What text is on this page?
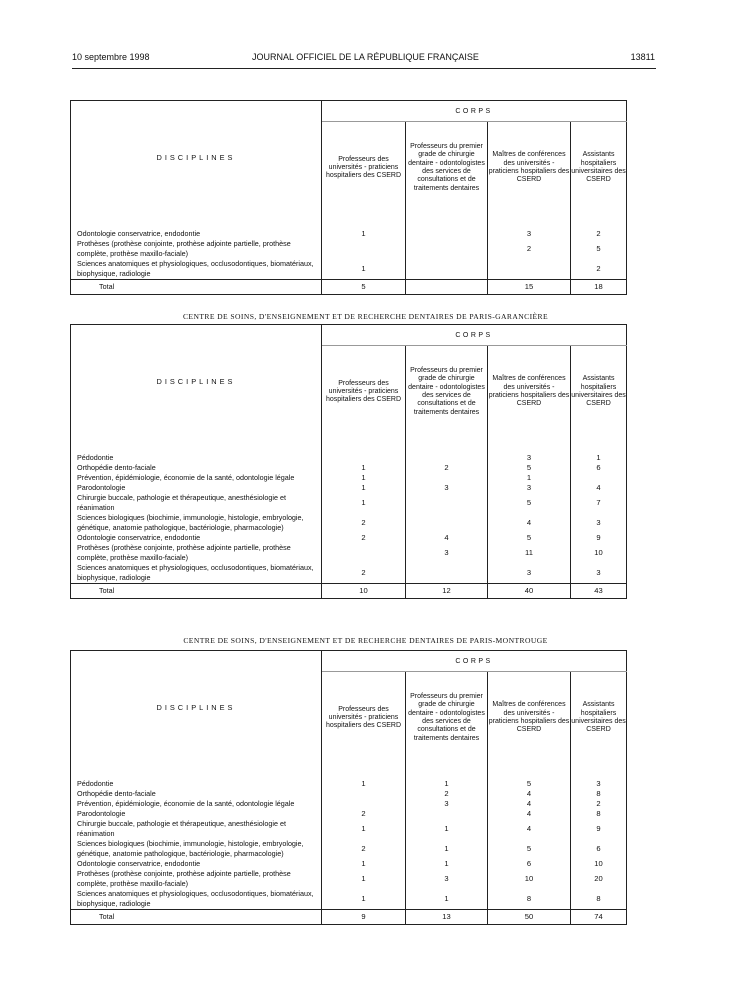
10 septembre 1998	JOURNAL OFFICIEL DE LA RÉPUBLIQUE FRANÇAISE	13811
DISCIPLINES	CORPS			
	Professeurs des universités - praticiens hospitaliers des CSERD	Professeurs du premier grade de chirurgie dentaire - odontologistes des services de consultations et de traitements dentaires	Maîtres de conférences des universités - praticiens hospitaliers des CSERD	Assistants hospitaliers universitaires des CSERD

Odontologie conservatrice, endodontie	1		3	2
Prothèses (prothèse conjointe, prothèse adjointe partielle, prothèse complète, prothèse maxillo-faciale)			2	5
Sciences anatomiques et physiologiques, occlusodontiques, biomatériaux, biophysique, radiologie	1			2
Total	5		15	18
CENTRE DE SOINS, D'ENSEIGNEMENT ET DE RECHERCHE DENTAIRES DE PARIS-GARANCIÈRE
DISCIPLINES	CORPS			
	Professeurs des universités - praticiens hospitaliers des CSERD	Professeurs du premier grade de chirurgie dentaire - odontologistes des services de consultations et de traitements dentaires	Maîtres de conférences des universités - praticiens hospitaliers des CSERD	Assistants hospitaliers universitaires des CSERD

Pédodontie			3	1
Orthopédie dento-faciale	1	2	5	6
Prévention, épidémiologie, économie de la santé, odontologie légale	1		1	
Parodontologie	1	3	3	4
Chirurgie buccale, pathologie et thérapeutique, anesthésiologie et réanimation	1		5	7
Sciences biologiques (biochimie, immunologie, histologie, embryologie, génétique, anatomie pathologique, bactériologie, pharmacologie)	2		4	3
Odontologie conservatrice, endodontie	2	4	5	9
Prothèses (prothèse conjointe, prothèse adjointe partielle, prothèse complète, prothèse maxillo-faciale)		3	11	10
Sciences anatomiques et physiologiques, occlusodontiques, biomatériaux, biophysique, radiologie	2		3	3
Total	10	12	40	43
CENTRE DE SOINS, D'ENSEIGNEMENT ET DE RECHERCHE DENTAIRES DE PARIS-MONTROUGE
DISCIPLINES	CORPS			
	Professeurs des universités - praticiens hospitaliers des CSERD	Professeurs du premier grade de chirurgie dentaire - odontologistes des services de consultations et de traitements dentaires	Maîtres de conférences des universités - praticiens hospitaliers des CSERD	Assistants hospitaliers universitaires des CSERD

Pédodontie	1	1	5	3
Orthopédie dento-faciale		2	4	8
Prévention, épidémiologie, économie de la santé, odontologie légale		3	4	2
Parodontologie	2		4	8
Chirurgie buccale, pathologie et thérapeutique, anesthésiologie et réanimation	1	1	4	9
Sciences biologiques (biochimie, immunologie, histologie, embryologie, génétique, anatomie pathologique, bactériologie, pharmacologie)	2	1	5	6
Odontologie conservatrice, endodontie	1	1	6	10
Prothèses (prothèse conjointe, prothèse adjointe partielle, prothèse complète, prothèse maxillo-faciale)	1	3	10	20
Sciences anatomiques et physiologiques, occlusodontiques, biomatériaux, biophysique, radiologie	1	1	8	8
Total	9	13	50	74
